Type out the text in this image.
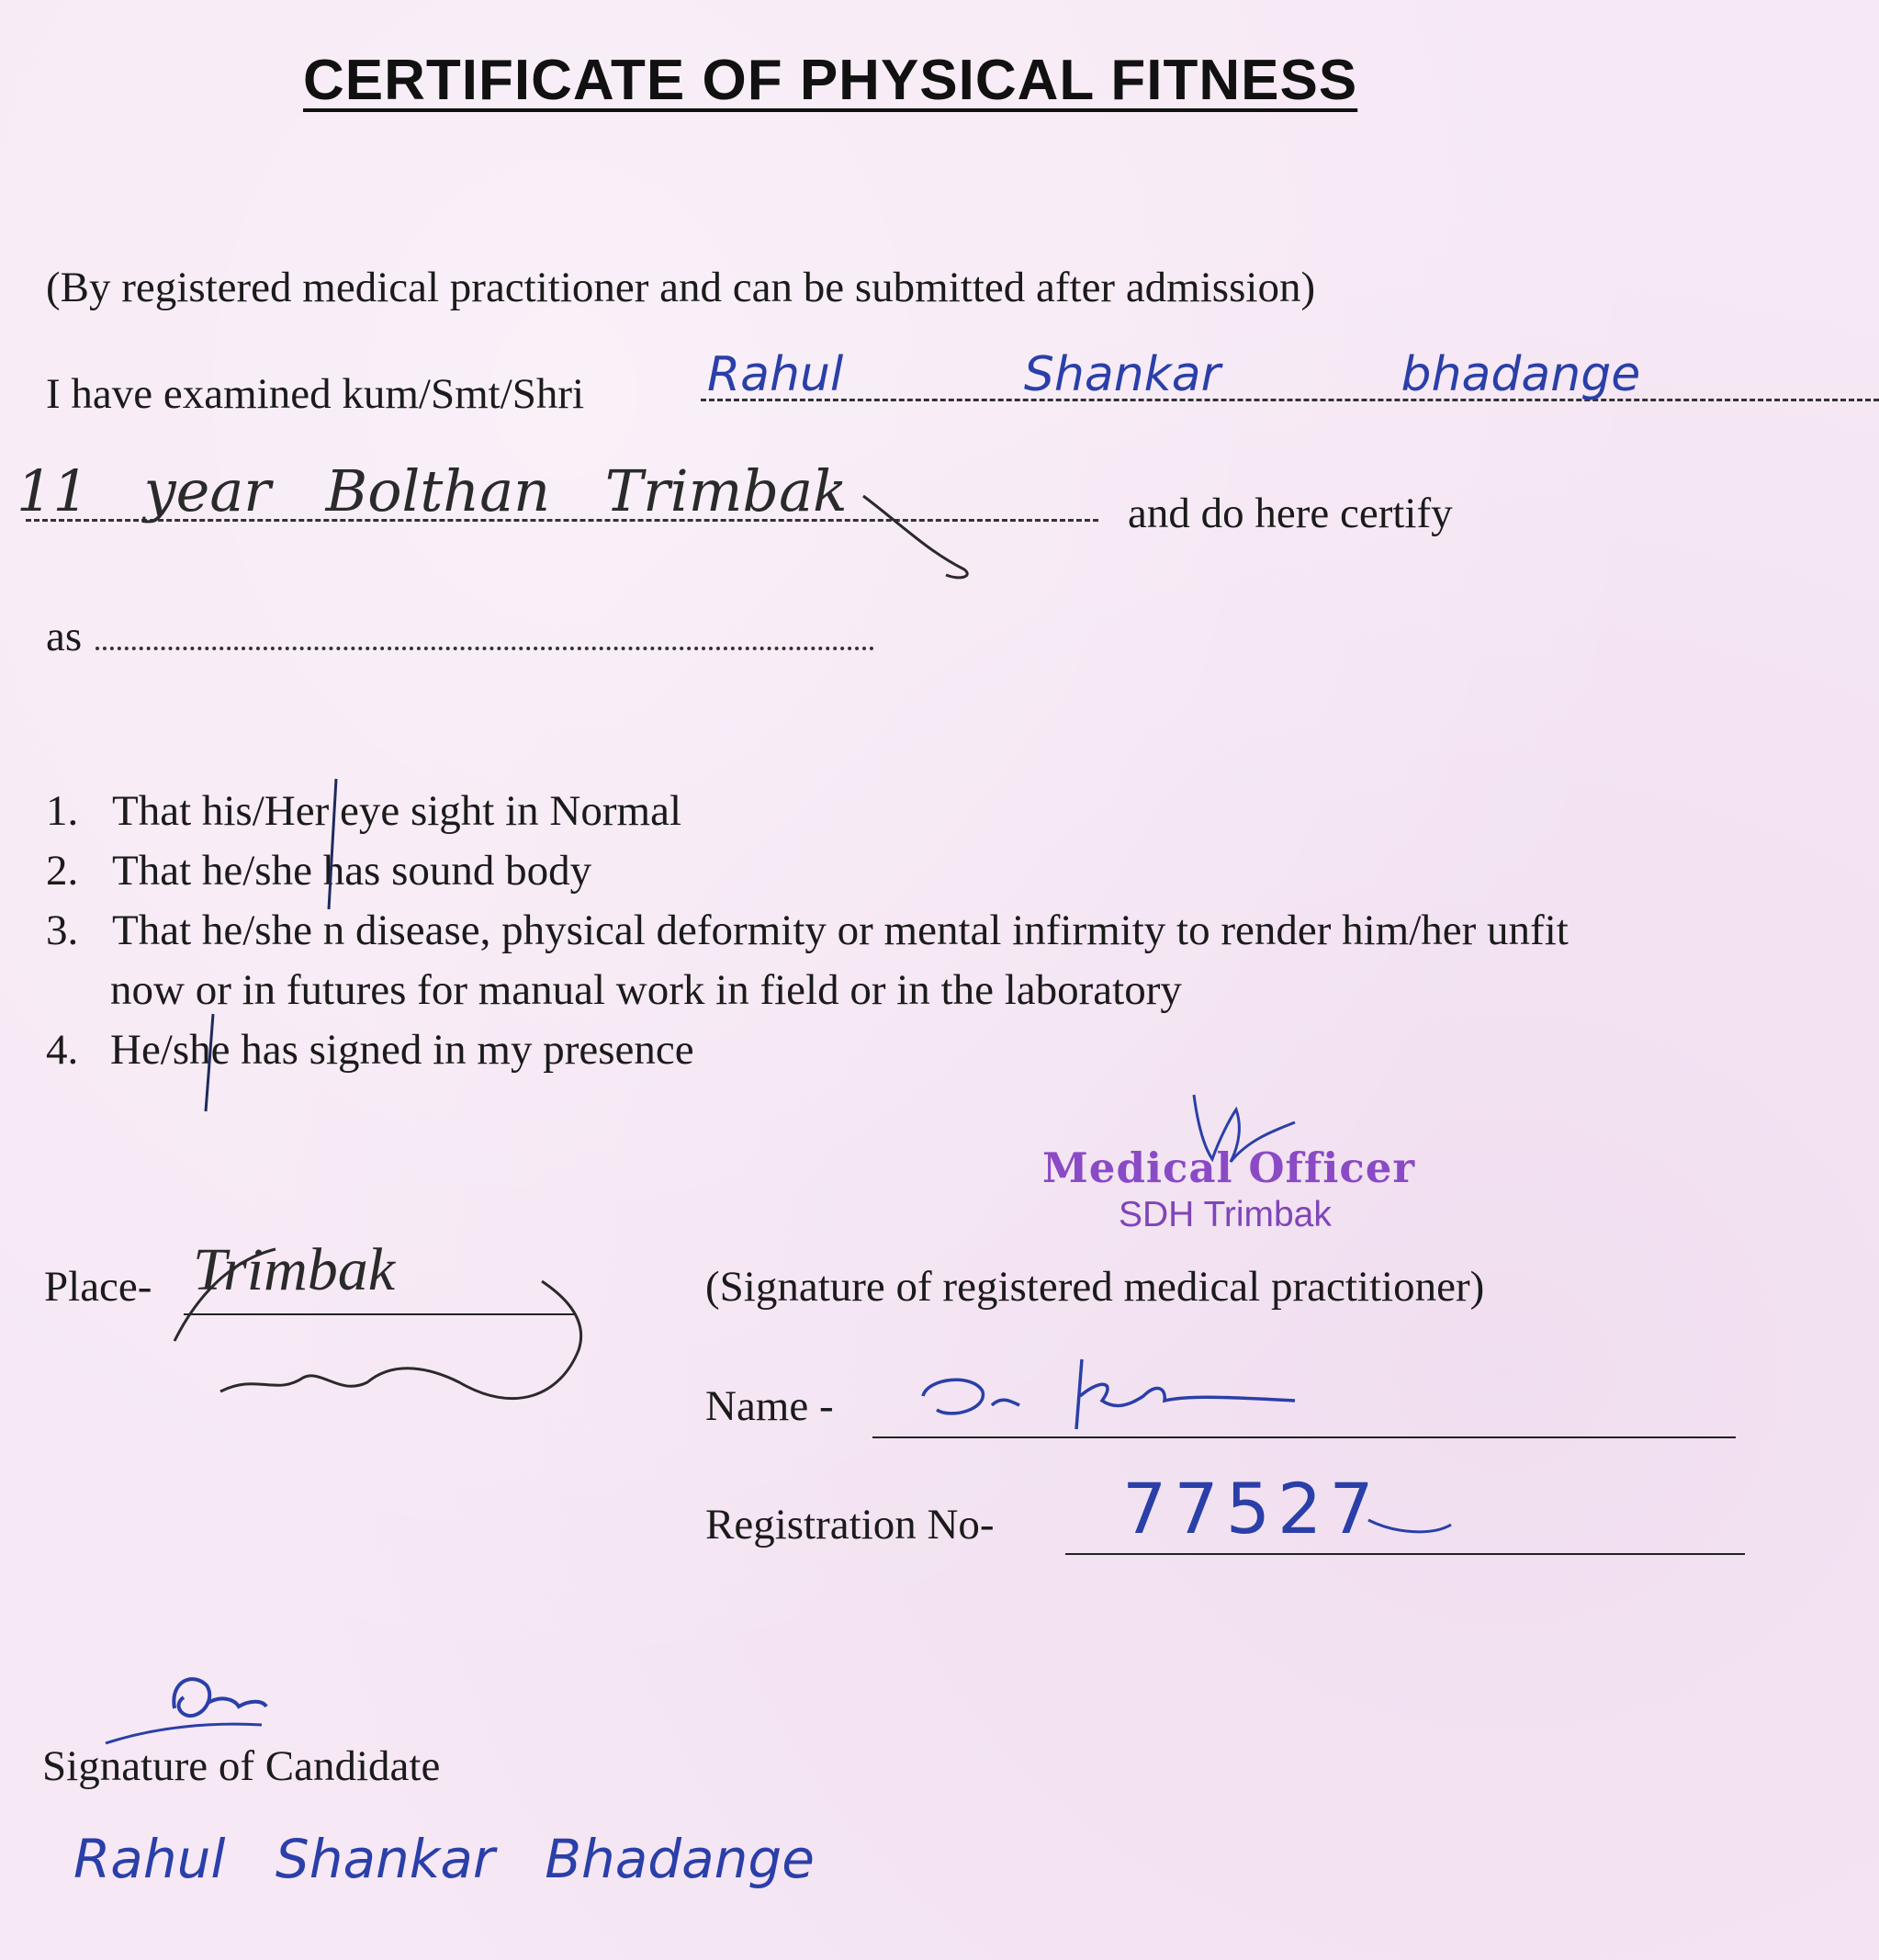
CERTIFICATE OF PHYSICAL FITNESS
(By registered medical practitioner and can be submitted after admission)
I have examined kum/Smt/Shri	Rahul Shankar bhadange
11 year Bolthan Trimbak	and do here certify
as
1. That his/Her eye sight in Normal
2. That he/she has sound body
3. That he/she n disease, physical deformity or mental infirmity to render him/her unfit
now or in futures for manual work in field or in the laboratory
4. He/she has signed in my presence
Medical Officer
SDH Trimbak
Place- Trimbak	(Signature of registered medical practitioner)
Name -
Registration No- 77527
Signature of Candidate
Rahul Shankar Bhadange
